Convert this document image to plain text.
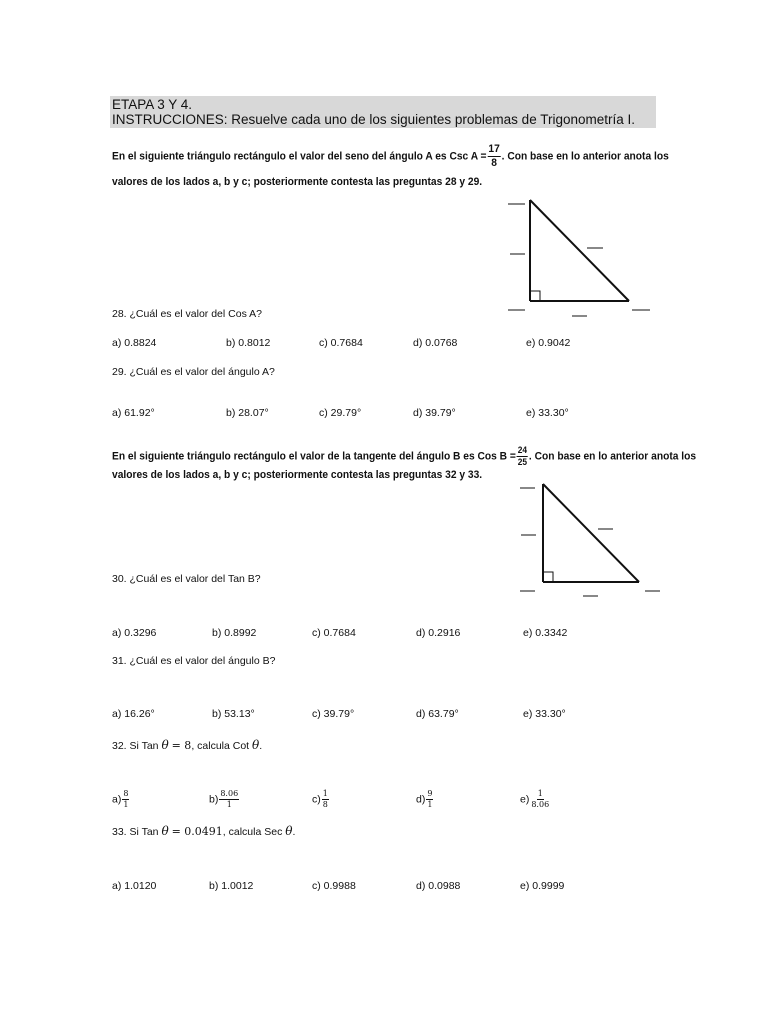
ETAPA 3 Y 4.
INSTRUCCIONES: Resuelve cada uno de los siguientes problemas de Trigonometría I.
En el siguiente triángulo rectángulo el valor del seno del ángulo A es Csc $A = \frac{17}{8}$ . Con base en lo anterior anota los
valores de los lados a, b y c; posteriormente contesta las preguntas 28 y 29.
28. ¿Cuál es el valor del Cos A?
a) 0.8824	b) 0.8012	c) 0.7684	d) 0.0768	e) 0.9042
29. ¿Cuál es el valor del ángulo A?
a) 61.92°	b) 28.07°	c) 29.79°	d) 39.79°	e) 33.30°
En el siguiente triángulo rectángulo el valor de la tangente del ángulo B es Cos $B = \frac{24}{25}$ . Con base en lo anterior anota los
valores de los lados a, b y c; posteriormente contesta las preguntas 32 y 33.
30. ¿Cuál es el valor del Tan B?
a) 0.3296	b) 0.8992	c) 0.7684	d) 0.2916	e) 0.3342
31. ¿Cuál es el valor del ángulo B?
a) 16.26°	b) 53.13°	c) 39.79°	d) 63.79°	e) 33.30°
32. Si Tan θ = 8, calcula Cot θ.
$a) \frac{8}{1}$	$b) \frac{8.06}{1}$	$c) \frac{1}{8}$	$d) \frac{9}{1}$	$e) \frac{1}{8.06}$
33. Si Tan θ = 0.0491, calcula Sec θ.
a) 1.0120	b) 1.0012	c) 0.9988	d) 0.0988	e) 0.9999
